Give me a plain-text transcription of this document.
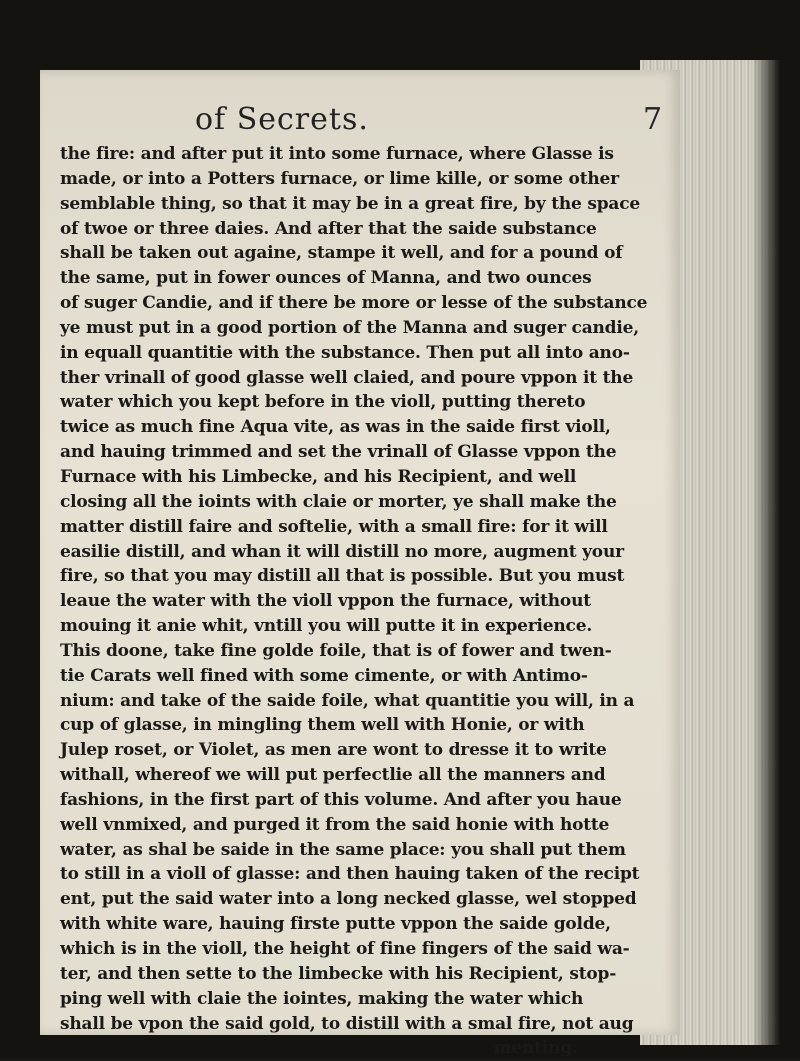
of Secrets.	7
the fire: and after put it into some furnace, where Glasse is
made, or into a Potters furnace, or lime kille, or some other
semblable thing, so that it may be in a great fire, by the space
of twoe or three daies. And after that the saide substance
shall be taken out againe, stampe it well, and for a pound of
the same, put in fower ounces of Manna, and two ounces
of suger Candie, and if there be more or lesse of the substance
ye must put in a good portion of the Manna and suger candie,
in equall quantitie with the substance. Then put all into ano-
ther vrinall of good glasse well claied, and poure vppon it the
water which you kept before in the violl, putting thereto
twice as much fine Aqua vite, as was in the saide first violl,
and hauing trimmed and set the vrinall of Glasse vppon the
Furnace with his Limbecke, and his Recipient, and well
closing all the ioints with claie or morter, ye shall make the
matter distill faire and softelie, with a small fire: for it will
easilie distill, and whan it will distill no more, augment your
fire, so that you may distill all that is possible. But you must
leaue the water with the violl vppon the furnace, without
mouing it anie whit, vntill you will putte it in experience.
This doone, take fine golde foile, that is of fower and twen-
tie Carats well fined with some cimente, or with Antimo-
nium: and take of the saide foile, what quantitie you will, in a
cup of glasse, in mingling them well with Honie, or with
Julep roset, or Violet, as men are wont to dresse it to write
withall, whereof we will put perfectlie all the manners and
fashions, in the first part of this volume. And after you haue
well vnmixed, and purged it from the said honie with hotte
water, as shal be saide in the same place: you shall put them
to still in a violl of glasse: and then hauing taken of the recipt
ent, put the said water into a long necked glasse, wel stopped
with white ware, hauing firste putte vppon the saide golde,
which is in the violl, the height of fine fingers of the said wa-
ter, and then sette to the limbecke with his Recipient, stop-
ping well with claie the iointes, making the water which
shall be vpon the said gold, to distill with a smal fire, not aug
menting:
